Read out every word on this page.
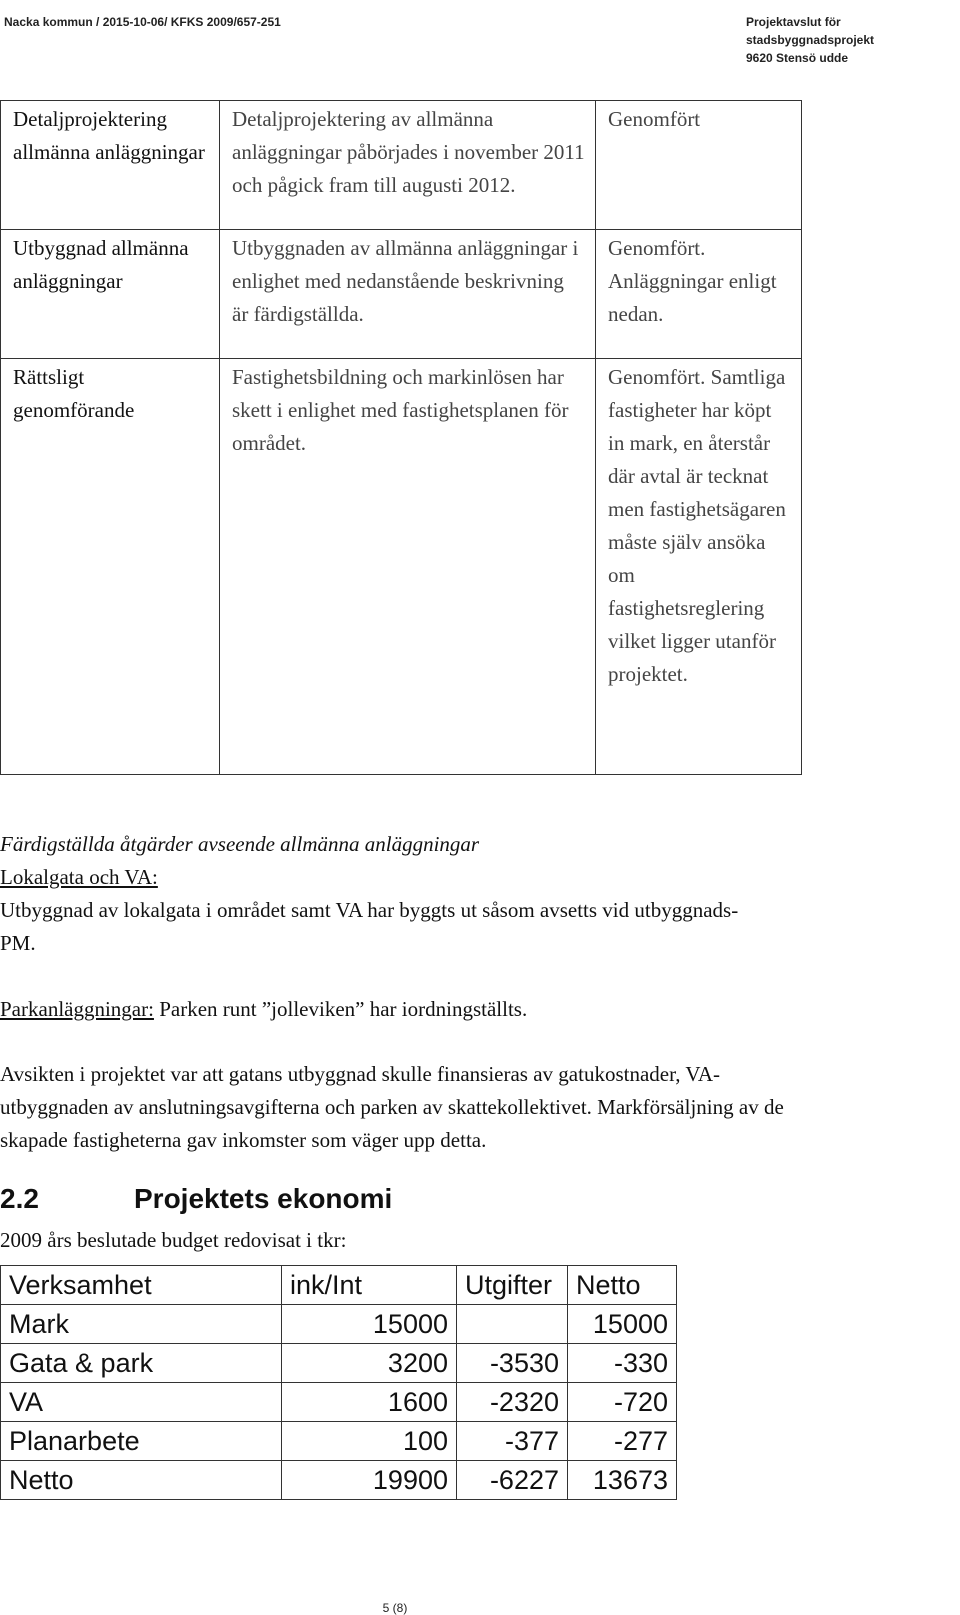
Nacka kommun / 2015-10-06/ KFKS 2009/657-251	Projektavslut för stadsbyggnadsprojekt
9620 Stensö udde
Detaljprojektering allmänna anläggningar	Detaljprojektering av allmänna anläggningar påbörjades i november 2011 och pågick fram till augusti 2012.	Genomfört

Utbyggnad allmänna anläggningar	Utbyggnaden av allmänna anläggningar i enlighet med nedanstående beskrivning är färdigställda.	Genomfört. Anläggningar enligt nedan.

Rättsligt genomförande	Fastighetsbildning och markinlösen har skett i enlighet med fastighetsplanen för området.	Genomfört. Samtliga fastigheter har köpt in mark, en återstår där avtal är tecknat men fastighetsägaren måste själv ansöka om fastighetsreglering vilket ligger utanför projektet.
Färdigställda åtgärder avseende allmänna anläggningar
Lokalgata och VA:
Utbyggnad av lokalgata i området samt VA har byggts ut såsom avsetts vid utbyggnads-PM.
Parkanläggningar: Parken runt ”jolleviken” har iordningställts.
Avsikten i projektet var att gatans utbyggnad skulle finansieras av gatukostnader, VA-utbyggnaden av anslutningsavgifterna och parken av skattekollektivet. Markförsäljning av de skapade fastigheterna gav inkomster som väger upp detta.
2.2	Projektets ekonomi
2009 års beslutade budget redovisat i tkr:
Verksamhet	ink/Int	Utgifter	Netto
Mark	15000		15000
Gata & park	3200	-3530	-330
VA	1600	-2320	-720
Planarbete	100	-377	-277
Netto	19900	-6227	13673
5 (8)
